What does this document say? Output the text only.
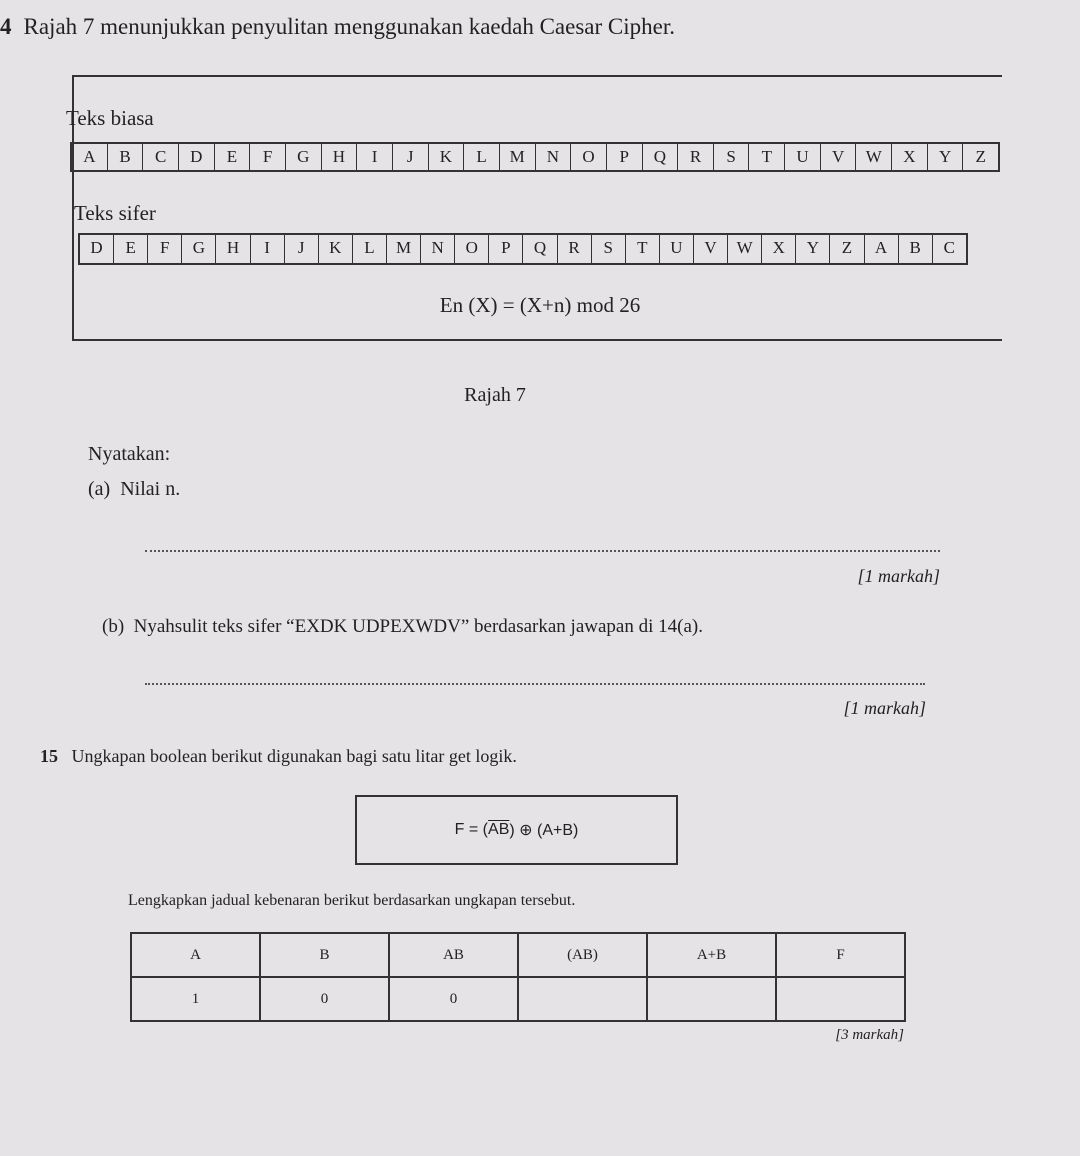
4 Rajah 7 menunjukkan penyulitan menggunakan kaedah Caesar Cipher.
Teks biasa
A	B	C	D	E	F	G	H	I	J	K	L	M	N	O	P	Q	R	S	T	U	V	W	X	Y	Z
Teks sifer
D	E	F	G	H	I	J	K	L	M	N	O	P	Q	R	S	T	U	V	W	X	Y	Z	A	B	C
En (X) = (X+n) mod 26
Rajah 7
Nyatakan:
(a) Nilai n.
[1 markah]
(b) Nyahsulit teks sifer “EXDK UDPEXWDV” berdasarkan jawapan di 14(a).
[1 markah]
15 Ungkapan boolean berikut digunakan bagi satu litar get logik.
F = ( $\overline{AB}$ ) ⊕ (A+B)
Lengkapkan jadual kebenaran berikut berdasarkan ungkapan tersebut.
A	B	AB	(AB)	A+B	F
1	0	0			
[3 markah]
